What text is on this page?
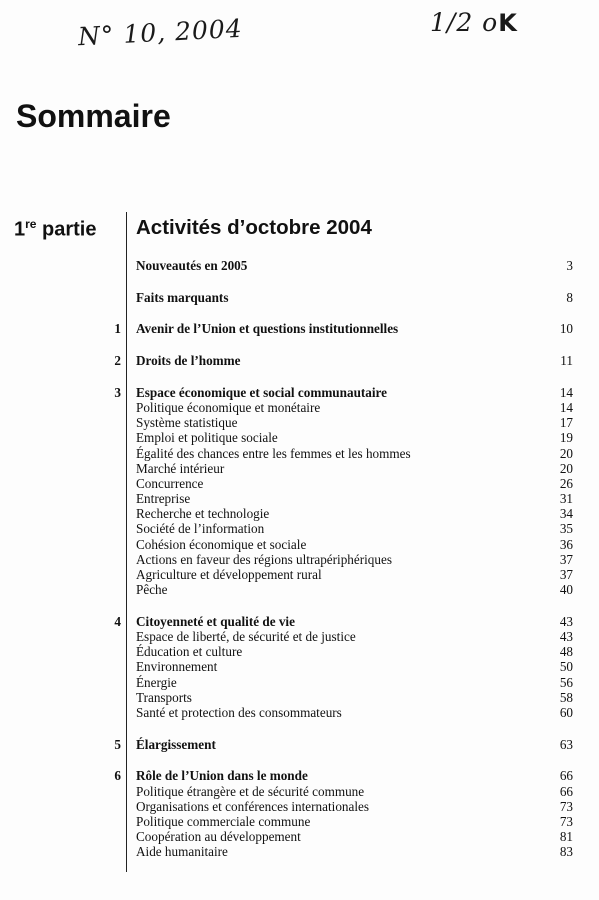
N° 10, 2004	1/2 oK
Sommaire
1re partie Activités d’octobre 2004
Nouveautés en 2005	3
Faits marquants	8
1 Avenir de l’Union et questions institutionnelles	10
2 Droits de l’homme	11
3 Espace économique et social communautaire	14
Politique économique et monétaire	14
Système statistique	17
Emploi et politique sociale	19
Égalité des chances entre les femmes et les hommes	20
Marché intérieur	20
Concurrence	26
Entreprise	31
Recherche et technologie	34
Société de l’information	35
Cohésion économique et sociale	36
Actions en faveur des régions ultrapériphériques	37
Agriculture et développement rural	37
Pêche	40
4 Citoyenneté et qualité de vie	43
Espace de liberté, de sécurité et de justice	43
Éducation et culture	48
Environnement	50
Énergie	56
Transports	58
Santé et protection des consommateurs	60
5 Élargissement	63
6 Rôle de l’Union dans le monde	66
Politique étrangère et de sécurité commune	66
Organisations et conférences internationales	73
Politique commerciale commune	73
Coopération au développement	81
Aide humanitaire	83
